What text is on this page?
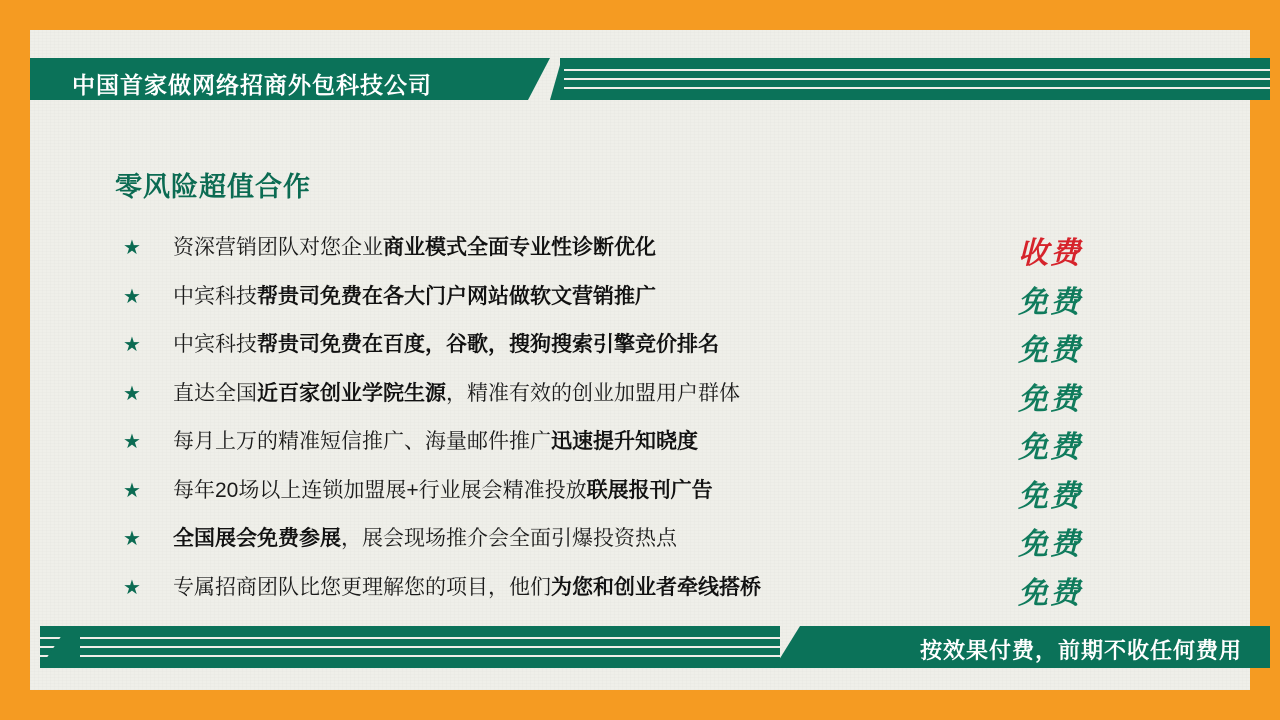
中国首家做网络招商外包科技公司
零风险超值合作
★ 资深营销团队对您企业商业模式全面专业性诊断优化	收费
★ 中宾科技帮贵司免费在各大门户网站做软文营销推广	免费
★ 中宾科技帮贵司免费在百度，谷歌，搜狗搜索引擎竞价排名	免费
★ 直达全国近百家创业学院生源，精准有效的创业加盟用户群体	免费
★ 每月上万的精准短信推广、海量邮件推广迅速提升知晓度	免费
★ 每年20场以上连锁加盟展+行业展会精准投放联展报刊广告	免费
★ 全国展会免费参展，展会现场推介会全面引爆投资热点	免费
★ 专属招商团队比您更理解您的项目，他们为您和创业者牵线搭桥	免费
按效果付费，前期不收任何费用
